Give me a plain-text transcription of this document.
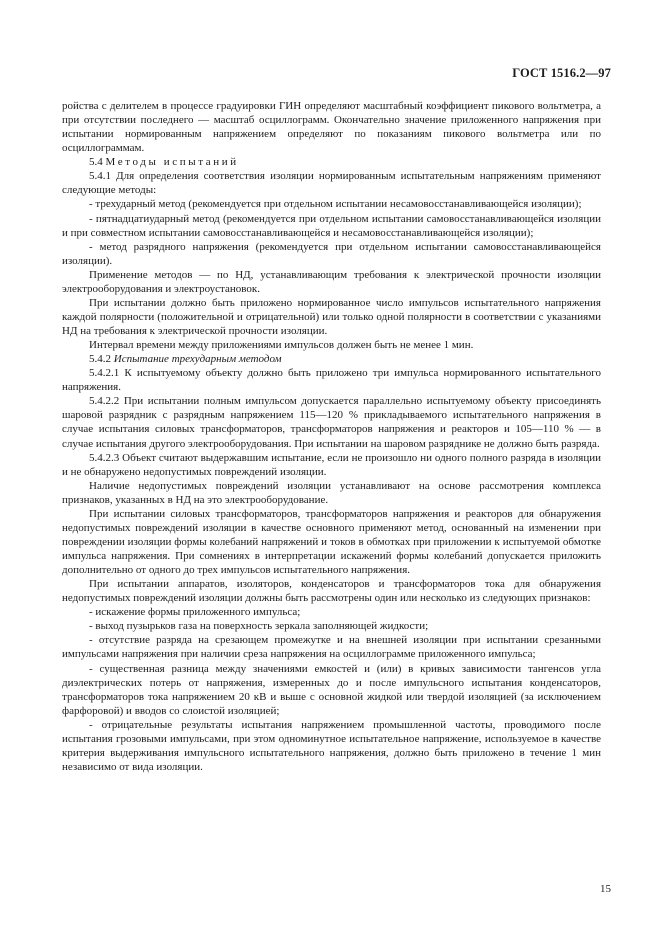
ГОСТ 1516.2—97

ройства с делителем в процессе градуировки ГИН определяют масштабный коэффициент пикового вольтметра, а при отсутствии последнего — масштаб осциллограмм. Окончательно значение приложенного напряжения при испытании нормированным напряжением определяют по показаниям пикового вольтметра или по осциллограммам.

5.4 Методы испытаний

5.4.1 Для определения соответствия изоляции нормированным испытательным напряжениям применяют следующие методы:

- трехударный метод (рекомендуется при отдельном испытании несамовосстанавливающейся изоляции);

- пятнадцатиударный метод (рекомендуется при отдельном испытании самовосстанавливающейся изоляции и при совместном испытании самовосстанавливающейся и несамовосстанавливающейся изоляции);

- метод разрядного напряжения (рекомендуется при отдельном испытании самовосстанавливающейся изоляции).

Применение методов — по НД, устанавливающим требования к электрической прочности изоляции электрооборудования и электроустановок.

При испытании должно быть приложено нормированное число импульсов испытательного напряжения каждой полярности (положительной и отрицательной) или только одной полярности в соответствии с указаниями НД на требования к электрической прочности изоляции.

Интервал времени между приложениями импульсов должен быть не менее 1 мин.

5.4.2 Испытание трехударным методом

5.4.2.1 К испытуемому объекту должно быть приложено три импульса нормированного испытательного напряжения.

5.4.2.2 При испытании полным импульсом допускается параллельно испытуемому объекту присоединять шаровой разрядник с разрядным напряжением 115—120 % прикладываемого испытательного напряжения в случае испытания силовых трансформаторов, трансформаторов напряжения и реакторов и 105—110 % — в случае испытания другого электрооборудования. При испытании на шаровом разряднике не должно быть разряда.

5.4.2.3 Объект считают выдержавшим испытание, если не произошло ни одного полного разряда в изоляции и не обнаружено недопустимых повреждений изоляции.

Наличие недопустимых повреждений изоляции устанавливают на основе рассмотрения комплекса признаков, указанных в НД на это электрооборудование.

При испытании силовых трансформаторов, трансформаторов напряжения и реакторов для обнаружения недопустимых повреждений изоляции в качестве основного применяют метод, основанный на изменении при повреждении изоляции формы колебаний напряжений и токов в обмотках при приложении к испытуемой обмотке импульса напряжения. При сомнениях в интерпретации искажений формы колебаний допускается приложить дополнительно от одного до трех импульсов испытательного напряжения.

При испытании аппаратов, изоляторов, конденсаторов и трансформаторов тока для обнаружения недопустимых повреждений изоляции должны быть рассмотрены один или несколько из следующих признаков:

- искажение формы приложенного импульса;

- выход пузырьков газа на поверхность зеркала заполняющей жидкости;

- отсутствие разряда на срезающем промежутке и на внешней изоляции при испытании срезанными импульсами напряжения при наличии среза напряжения на осциллограмме приложенного импульса;

- существенная разница между значениями емкостей и (или) в кривых зависимости тангенсов угла диэлектрических потерь от напряжения, измеренных до и после импульсного испытания конденсаторов, трансформаторов тока напряжением 20 кВ и выше с основной жидкой или твердой изоляцией (за исключением фарфоровой) и вводов со слоистой изоляцией;

- отрицательные результаты испытания напряжением промышленной частоты, проводимого после испытания грозовыми импульсами, при этом одноминутное испытательное напряжение, используемое в качестве критерия выдерживания импульсного испытательного напряжения, должно быть приложено в течение 1 мин независимо от вида изоляции.

15
